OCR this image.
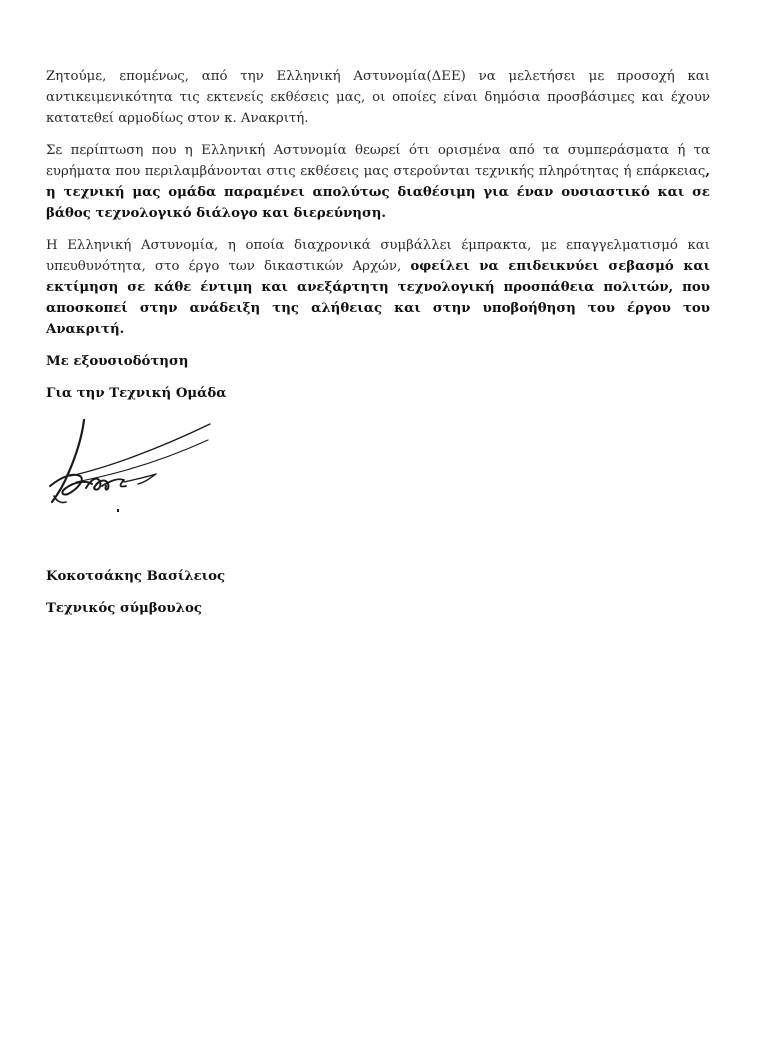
Ζητούμε, επομένως, από την Ελληνική Αστυνομία(ΔΕΕ) να μελετήσει με προσοχή και αντικειμενικότητα τις εκτενείς εκθέσεις μας, οι οποίες είναι δημόσια προσβάσιμες και έχουν κατατεθεί αρμοδίως στον κ. Ανακριτή.

Σε περίπτωση που η Ελληνική Αστυνομία θεωρεί ότι ορισμένα από τα συμπεράσματα ή τα ευρήματα που περιλαμβάνονται στις εκθέσεις μας στερούνται τεχνικής πληρότητας ή επάρκειας, η τεχνική μας ομάδα παραμένει απολύτως διαθέσιμη για έναν ουσιαστικό και σε βάθος τεχνολογικό διάλογο και διερεύνηση.

Η Ελληνική Αστυνομία, η οποία διαχρονικά συμβάλλει έμπρακτα, με επαγγελματισμό και υπευθυνότητα, στο έργο των δικαστικών Αρχών, οφείλει να επιδεικνύει σεβασμό και εκτίμηση σε κάθε έντιμη και ανεξάρτητη τεχνολογική προσπάθεια πολιτών, που αποσκοπεί στην ανάδειξη της αλήθειας και στην υποβοήθηση του έργου του Ανακριτή.

Με εξουσιοδότηση

Για την Τεχνική Ομάδα

Κοκοτσάκης Βασίλειος

Τεχνικός σύμβουλος
